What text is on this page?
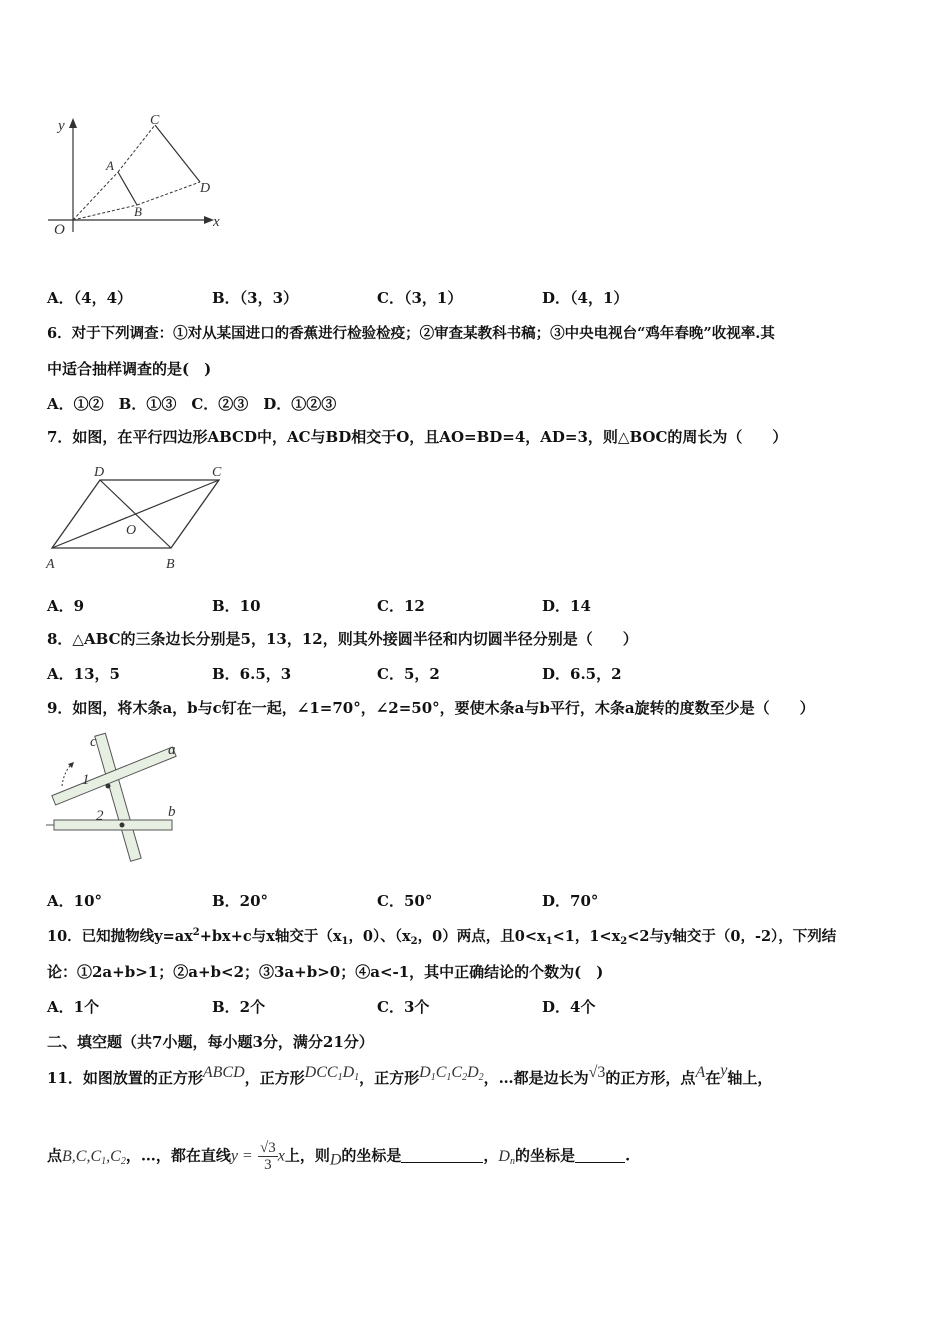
y
x
O
A
B
C
D
A．（4，4）	B．（3，3）	C．（3，1）	D．（4，1）
6．对于下列调查：①对从某国进口的香蕉进行检验检疫；②审查某教科书稿；③中央电视台“鸡年春晚”收视率.其
中适合抽样调查的是(　)
A．①②　B．①③　C．②③　D．①②③
7．如图，在平行四边形ABCD中，AC与BD相交于O，且AO=BD=4，AD=3，则△BOC的周长为（　　）
D	C
O
A	B
A．9	B．10	C．12	D．14
8．△ABC的三条边长分别是5，13，12，则其外接圆半径和内切圆半径分别是（　　）
A．13，5	B．6.5，3	C．5，2	D．6.5，2
9．如图，将木条a，b与c钉在一起，∠1=70°，∠2=50°，要使木条a与b平行，木条a旋转的度数至少是（　　）
c	a
b
1
2
A．10°	B．20°	C．50°	D．70°
10．已知抛物线$y=ax^2+bx+c$与x轴交于（$x_1$，0）、（$x_2$，0）两点，且$0<x_1<1$，$1<x_2<2$与y轴交于（0，-2），下列结
论：①2a+b>1；②a+b<2；③3a+b>0；④a<-1，其中正确结论的个数为(　)
A．1个	B．2个	C．3个	D．4个
二、填空题（共7小题，每小题3分，满分21分）
11．如图放置的正方形ABCD，正方形$DCC_1D_1$，正方形$D_1C_1C_2D_2$，…都是边长为√3的正方形，点A在y轴上，
点$B,C,C_1,C_2$，…，都在直线$y = \frac{√3}{3}$ x上，则D的坐标是	，$D_n$的坐标是	.
